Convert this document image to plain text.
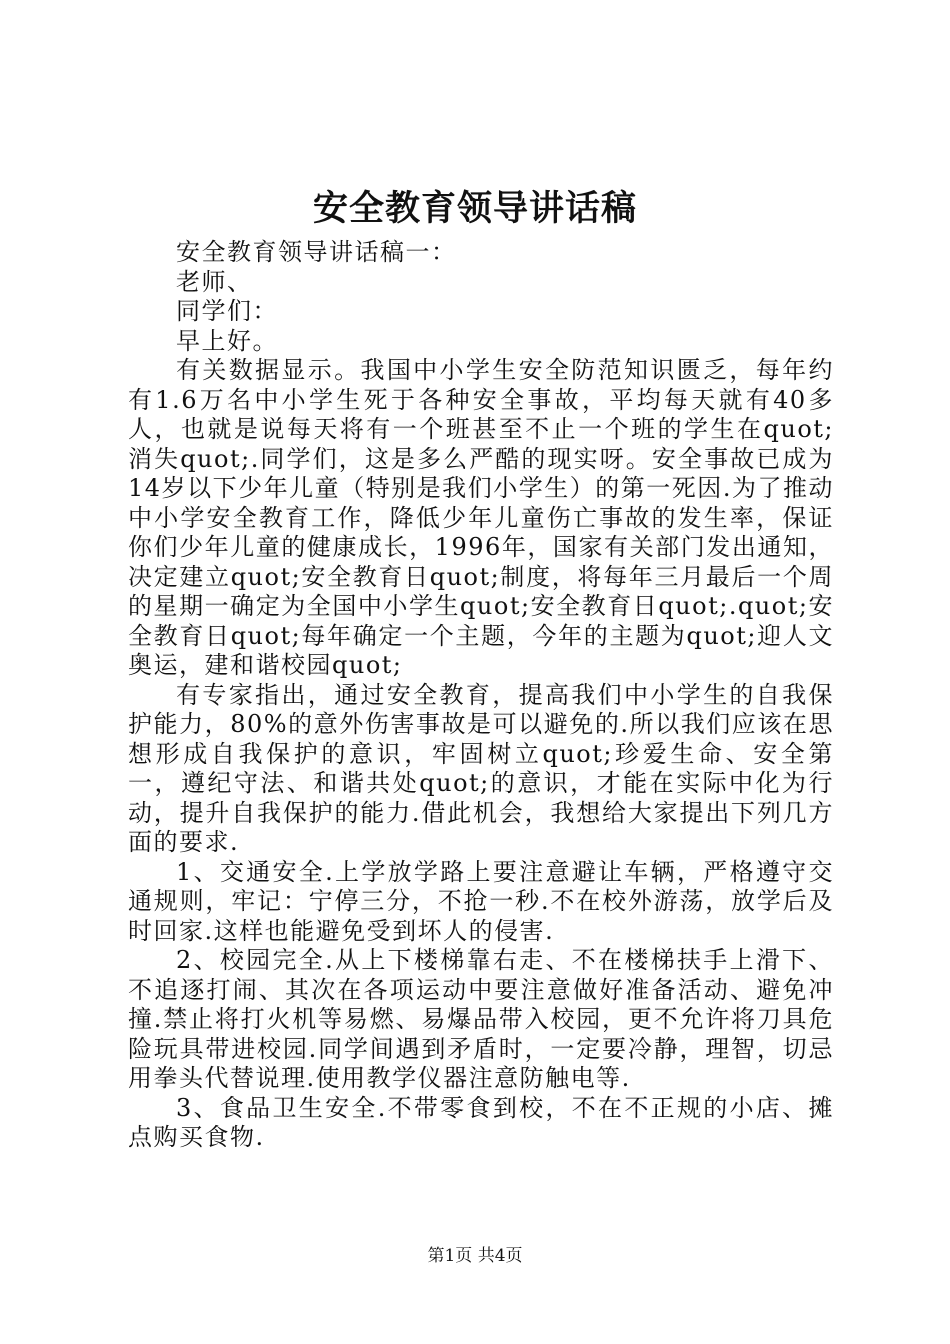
安全教育领导讲话稿

安全教育领导讲话稿一：

老师、

同学们：

早上好。

有关数据显示。我国中小学生安全防范知识匮乏，每年约有1.6万名中小学生死于各种安全事故，平均每天就有40多人，也就是说每天将有一个班甚至不止一个班的学生在quot;消失quot;.同学们，这是多么严酷的现实呀。安全事故已成为14岁以下少年儿童（特别是我们小学生）的第一死因.为了推动中小学安全教育工作，降低少年儿童伤亡事故的发生率，保证你们少年儿童的健康成长，1996年，国家有关部门发出通知，决定建立quot;安全教育日quot;制度，将每年三月最后一个周的星期一确定为全国中小学生quot;安全教育日quot;.quot;安全教育日quot;每年确定一个主题，今年的主题为quot;迎人文奥运，建和谐校园quot;

有专家指出，通过安全教育，提高我们中小学生的自我保护能力，80%的意外伤害事故是可以避免的.所以我们应该在思想形成自我保护的意识，牢固树立quot;珍爱生命、安全第一，遵纪守法、和谐共处quot;的意识，才能在实际中化为行动，提升自我保护的能力.借此机会，我想给大家提出下列几方面的要求.

1、交通安全.上学放学路上要注意避让车辆，严格遵守交通规则，牢记：宁停三分，不抢一秒.不在校外游荡，放学后及时回家.这样也能避免受到坏人的侵害.

2、校园完全.从上下楼梯靠右走、不在楼梯扶手上滑下、不追逐打闹、其次在各项运动中要注意做好准备活动、避免冲撞.禁止将打火机等易燃、易爆品带入校园，更不允许将刀具危险玩具带进校园.同学间遇到矛盾时，一定要冷静，理智，切忌用拳头代替说理.使用教学仪器注意防触电等.

3、食品卫生安全.不带零食到校，不在不正规的小店、摊点购买食物.

第1页 共4页
